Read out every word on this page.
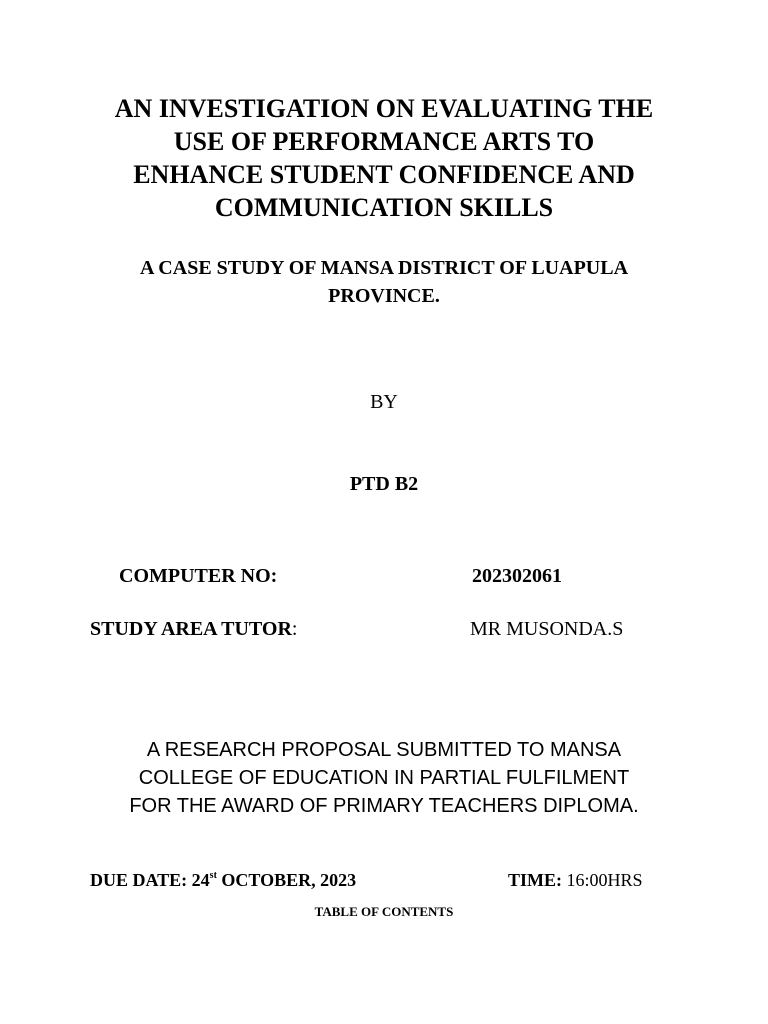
AN INVESTIGATION ON EVALUATING THE
USE OF PERFORMANCE ARTS TO
ENHANCE STUDENT CONFIDENCE AND
COMMUNICATION SKILLS
A CASE STUDY OF MANSA DISTRICT OF LUAPULA
PROVINCE.
BY
PTD B2
COMPUTER NO:	202302061
STUDY AREA TUTOR:	MR MUSONDA.S
A RESEARCH PROPOSAL SUBMITTED TO MANSA
COLLEGE OF EDUCATION IN PARTIAL FULFILMENT
FOR THE AWARD OF PRIMARY TEACHERS DIPLOMA.
DUE DATE: 24st OCTOBER, 2023	TIME: 16:00HRS
TABLE OF CONTENTS
